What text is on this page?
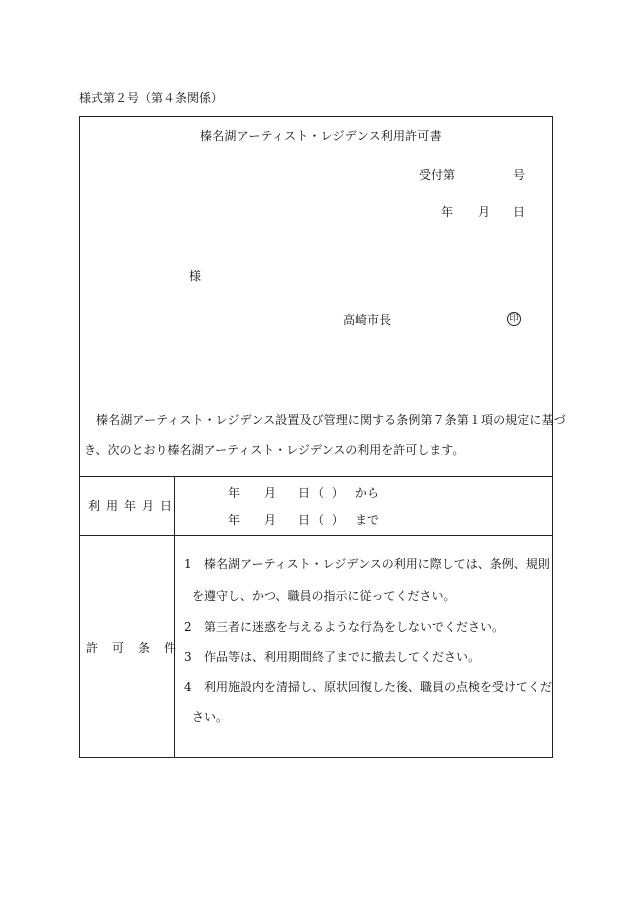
様式第２号（第４条関係）
榛名湖アーティスト・レジデンス利用許可書
受付第	号
年 月 日
様
高崎市長	印
榛名湖アーティスト・レジデンス設置及び管理に関する条例第７条第１項の規定に基づ
き、次のとおり榛名湖アーティスト・レジデンスの利用を許可します。
利用年月日
年 月 日（ ） から
年 月 日（ ） まで
許可条件
1 榛名湖アーティスト・レジデンスの利用に際しては、条例、規則
を遵守し、かつ、職員の指示に従ってください。
2 第三者に迷惑を与えるような行為をしないでください。
3 作品等は、利用期間終了までに撤去してください。
4 利用施設内を清掃し、原状回復した後、職員の点検を受けてくだ
さい。
